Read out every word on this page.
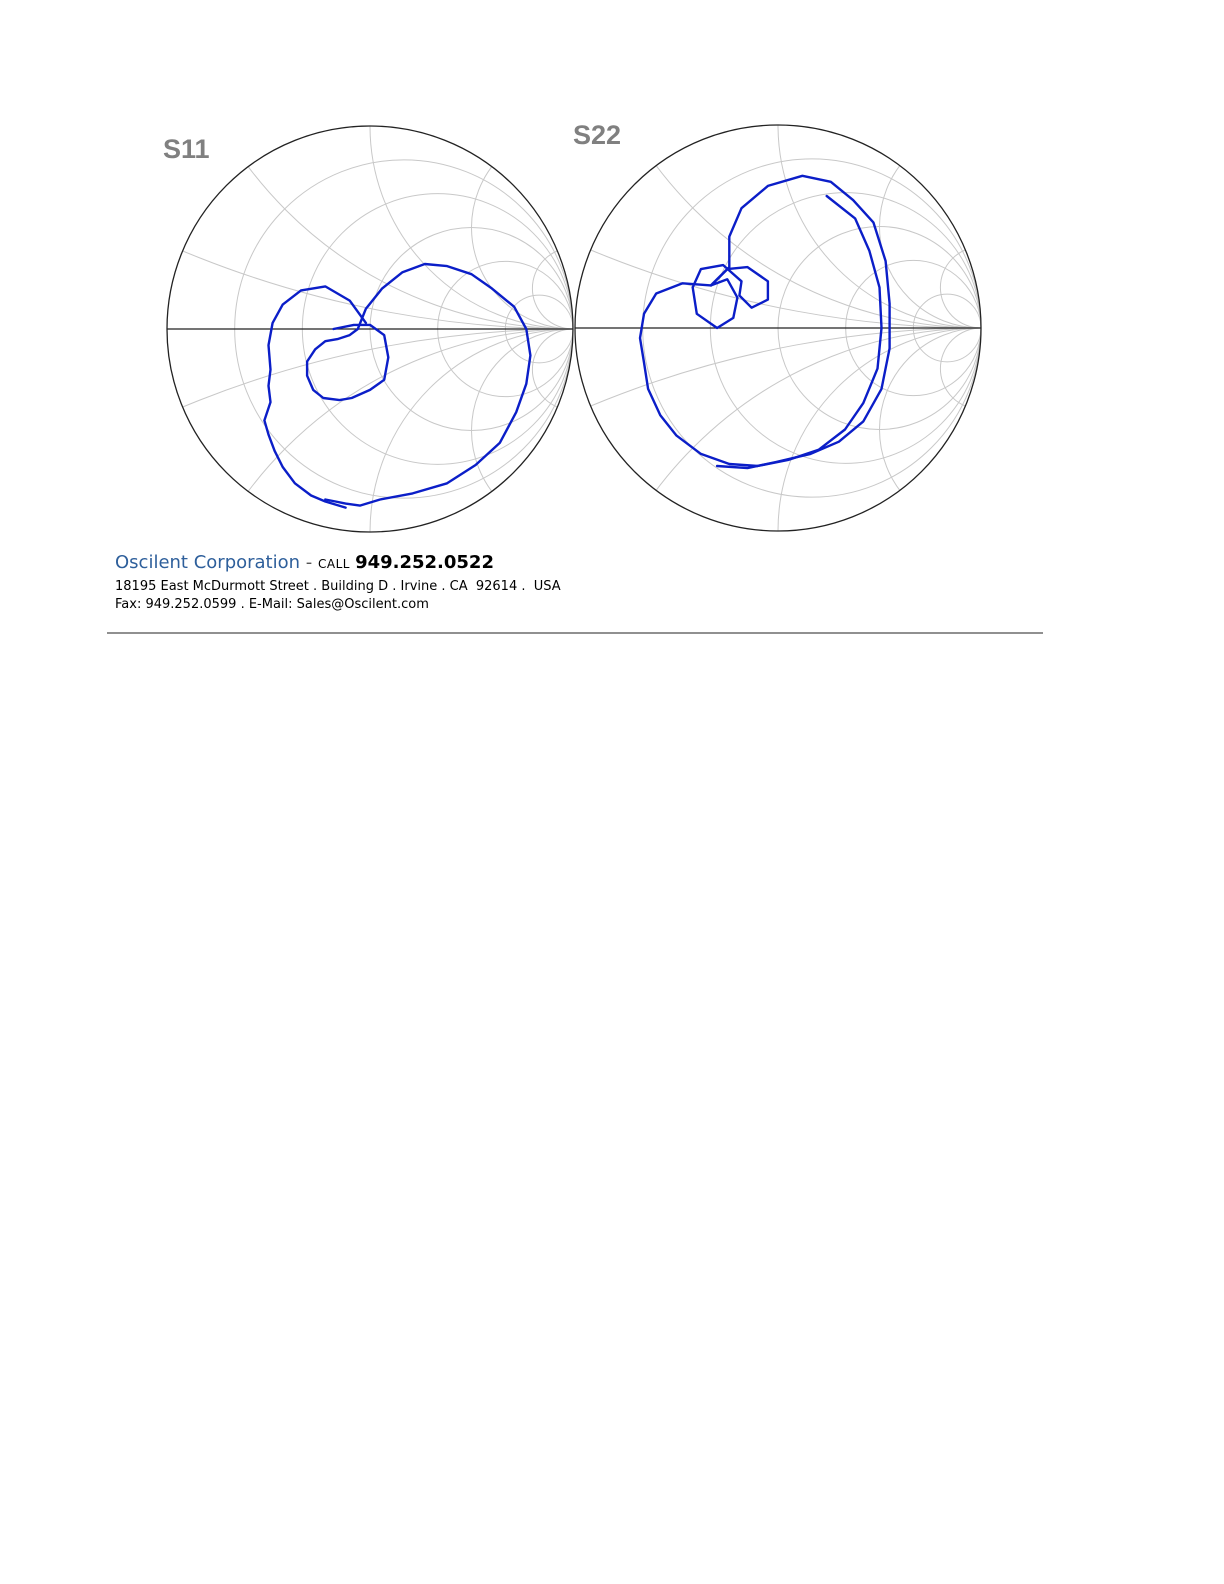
S11	S22
Oscilent Corporation - CALL 949.252.0522
18195 East McDurmott Street . Building D . Irvine . CA  92614 .  USA
Fax: 949.252.0599 . E-Mail: Sales@Oscilent.com
